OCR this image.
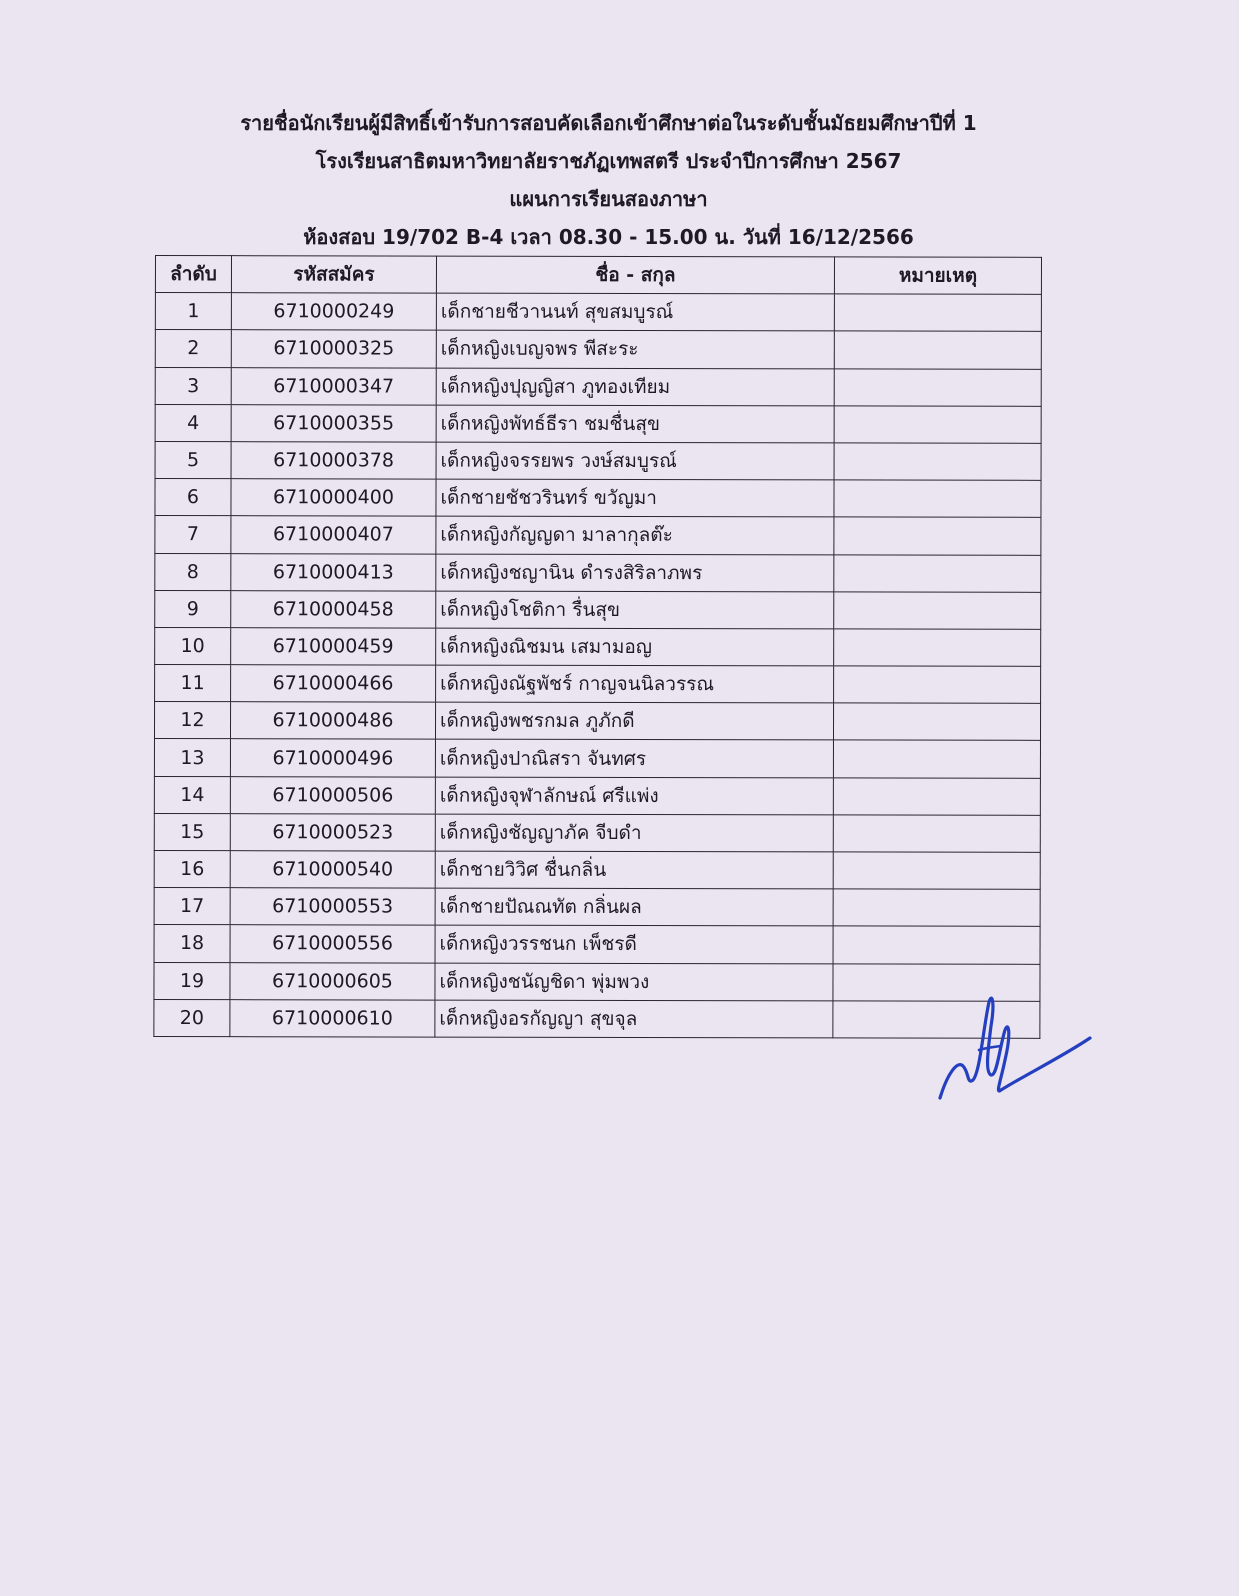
รายชื่อนักเรียนผู้มีสิทธิ์เข้ารับการสอบคัดเลือกเข้าศึกษาต่อในระดับชั้นมัธยมศึกษาปีที่ 1
โรงเรียนสาธิตมหาวิทยาลัยราชภัฏเทพสตรี ประจำปีการศึกษา 2567
แผนการเรียนสองภาษา
ห้องสอบ 19/702 B-4 เวลา 08.30 - 15.00 น. วันที่ 16/12/2566
ลำดับ	รหัสสมัคร	ชื่อ - สกุล	หมายเหตุ
1	6710000249	เด็กชายชีวานนท์ สุขสมบูรณ์	
2	6710000325	เด็กหญิงเบญจพร พีสะระ	
3	6710000347	เด็กหญิงปุญญิสา ภูทองเทียม	
4	6710000355	เด็กหญิงพัทธ์ธีรา ชมชื่นสุข	
5	6710000378	เด็กหญิงจรรยพร วงษ์สมบูรณ์	
6	6710000400	เด็กชายชัชวรินทร์ ขวัญมา	
7	6710000407	เด็กหญิงกัญญดา มาลากุลต๊ะ	
8	6710000413	เด็กหญิงชญานิน ดำรงสิริลาภพร	
9	6710000458	เด็กหญิงโชติกา รื่นสุข	
10	6710000459	เด็กหญิงณิชมน เสมามอญ	
11	6710000466	เด็กหญิงณัฐพัชร์ กาญจนนิลวรรณ	
12	6710000486	เด็กหญิงพชรกมล ภูภักดี	
13	6710000496	เด็กหญิงปาณิสรา จันทศร	
14	6710000506	เด็กหญิงจุฬาลักษณ์ ศรีแพ่ง	
15	6710000523	เด็กหญิงชัญญาภัค จีบดำ	
16	6710000540	เด็กชายวิวิศ ชื่นกลิ่น	
17	6710000553	เด็กชายปัณณทัต กลิ่นผล	
18	6710000556	เด็กหญิงวรรชนก เพ็ชรดี	
19	6710000605	เด็กหญิงชนัญชิดา พุ่มพวง	
20	6710000610	เด็กหญิงอรกัญญา สุขจุล	
